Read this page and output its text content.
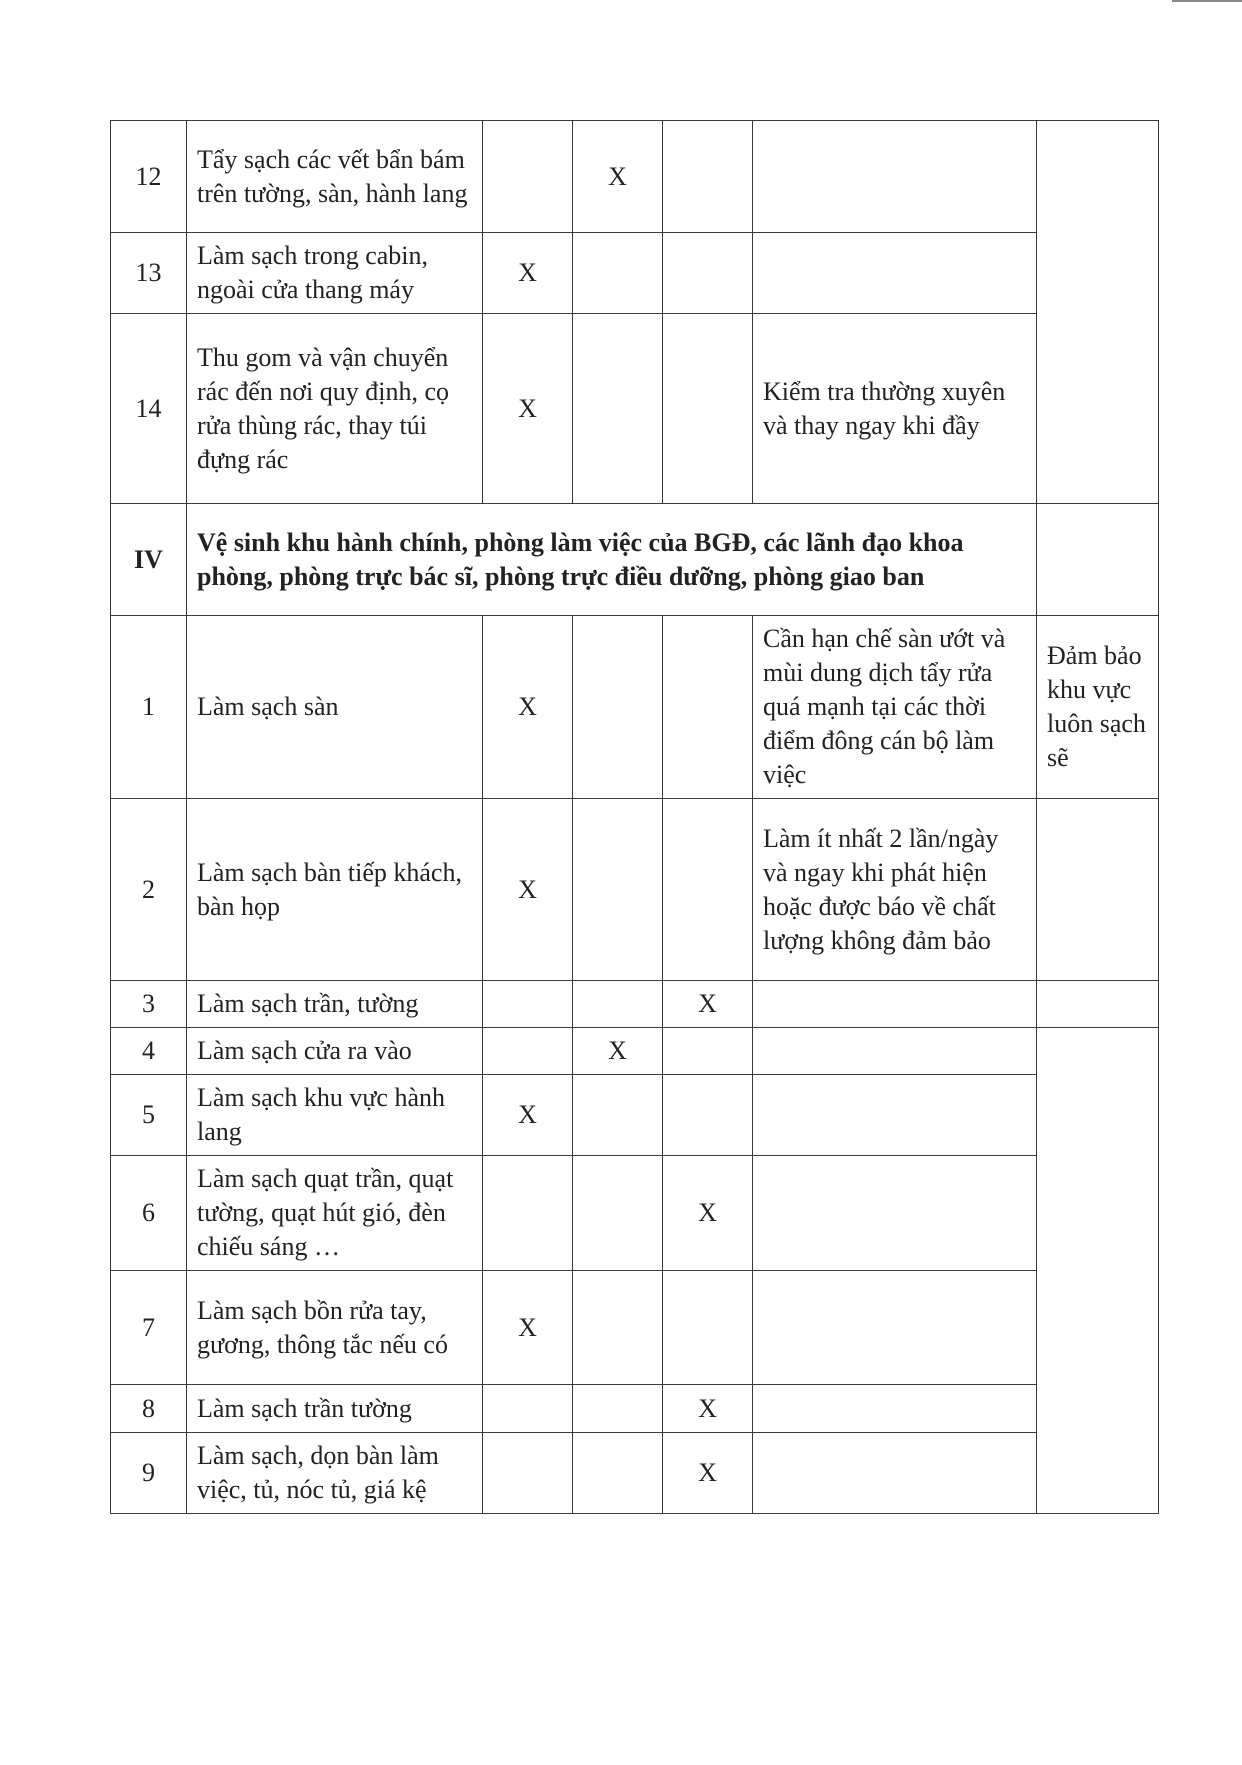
12	Tẩy sạch các vết bẩn bám trên tường, sàn, hành lang		X			
13	Làm sạch trong cabin, ngoài cửa thang máy	X				
14	Thu gom và vận chuyển rác đến nơi quy định, cọ rửa thùng rác, thay túi đựng rác	X			Kiểm tra thường xuyên và thay ngay khi đầy	
IV	Vệ sinh khu hành chính, phòng làm việc của BGĐ, các lãnh đạo khoa phòng, phòng trực bác sĩ, phòng trực điều dưỡng, phòng giao ban					
1	Làm sạch sàn	X			Cần hạn chế sàn ướt và mùi dung dịch tẩy rửa quá mạnh tại các thời điểm đông cán bộ làm việc	Đảm bảo khu vực luôn sạch sẽ
2	Làm sạch bàn tiếp khách, bàn họp	X			Làm ít nhất 2 lần/ngày và ngay khi phát hiện hoặc được báo về chất lượng không đảm bảo	
3	Làm sạch trần, tường			X		
4	Làm sạch cửa ra vào		X			
5	Làm sạch khu vực hành lang	X				
6	Làm sạch quạt trần, quạt tường, quạt hút gió, đèn chiếu sáng …			X		
7	Làm sạch bồn rửa tay, gương, thông tắc nếu có	X				
8	Làm sạch trần tường			X		
9	Làm sạch, dọn bàn làm việc, tủ, nóc tủ, giá kệ			X		
